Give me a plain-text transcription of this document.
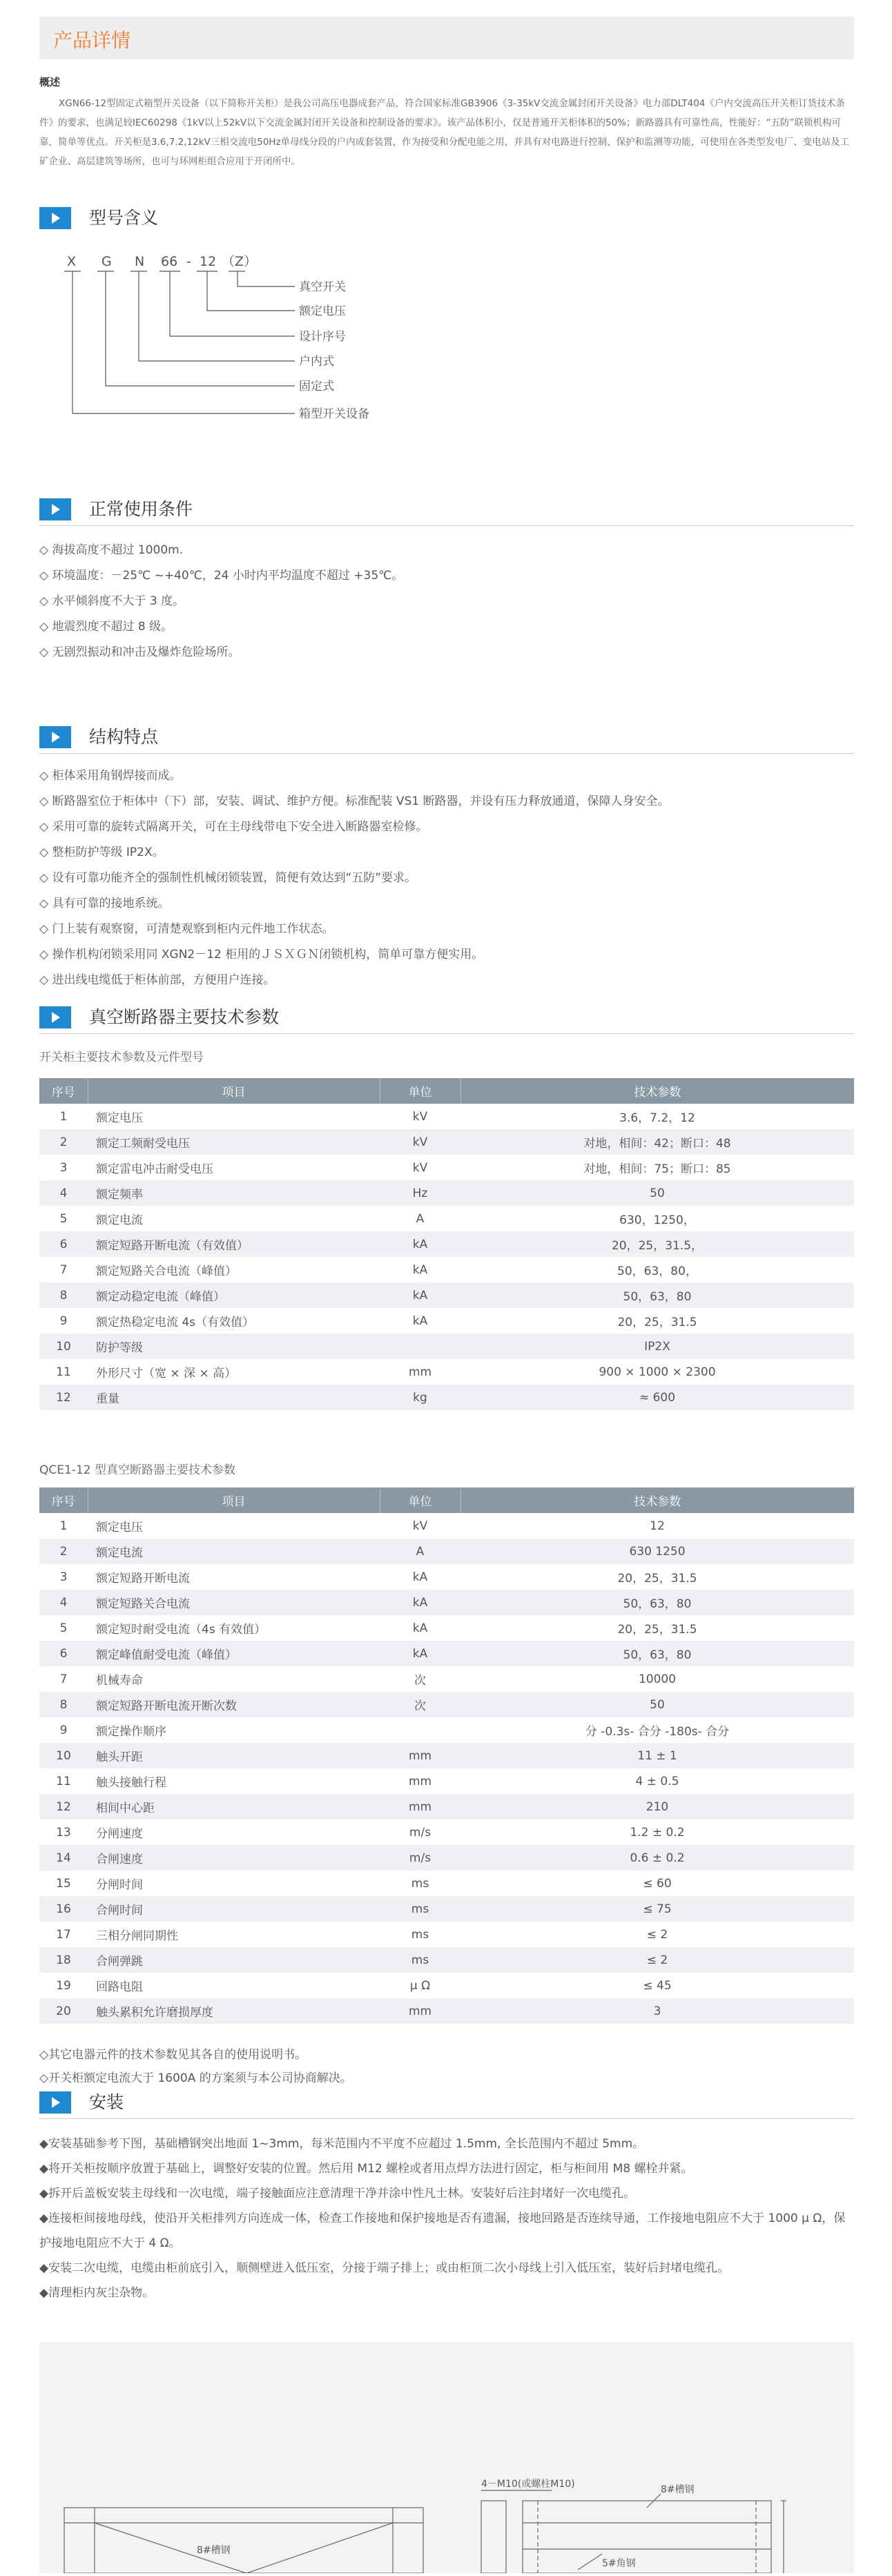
产品详情
概述

XGN66-12型固定式箱型开关设备（以下简称开关柜）是我公司高压电器成套产品，符合国家标准GB3906《3-35kV交流金属封闭开关设备》电力部DLT404《户内交流高压开关柜订货技术条件》的要求，也满足较IEC60298《1kV以上52kV以下交流金属封闭开关设备和控制设备的要求》。该产品体积小，仅是普通开关柜体积的50%；新路器具有可靠性高，性能好：“五防”联锁机构可靠，简单等优点。开关柜是3.6,7.2,12kV三相交流电50Hz单母线分段的户内成套装置，作为接受和分配电能之用，并具有对电路进行控制、保护和监测等功能，可使用在各类型发电厂、变电站及工矿企业、高层建筑等场所，也可与环网柜组合应用于开闭所中。

型号含义
X G N 66 - 12 （Z）
真空开关
额定电压
设计序号
户内式
固定式
箱型开关设备
正常使用条件
◇ 海拔高度不超过 1000m.
◇ 环境温度：－25℃ ~+40℃，24 小时内平均温度不超过 +35℃。
◇ 水平倾斜度不大于 3 度。
◇ 地震烈度不超过 8 级。
◇ 无剧烈振动和冲击及爆炸危险场所。
结构特点
◇ 柜体采用角钢焊接而成。
◇ 断路器室位于柜体中（下）部，安装、调试、维护方便。标准配装 VS1 断路器，并设有压力释放通道，保障人身安全。
◇ 采用可靠的旋转式隔离开关，可在主母线带电下安全进入断路器室检修。
◇ 整柜防护等级 IP2X。
◇ 设有可靠功能齐全的强制性机械闭锁装置，简便有效达到“五防”要求。
◇ 具有可靠的接地系统。
◇ 门上装有观察窗，可清楚观察到柜内元件地工作状态。
◇ 操作机构闭锁采用同 XGN2－12 柜用的ＪＳＸＧＮ闭锁机构，简单可靠方便实用。
◇ 进出线电缆低于柜体前部，方便用户连接。
真空断路器主要技术参数
开关柜主要技术参数及元件型号
序号	项目	单位	技术参数
1	额定电压	kV	3.6，7.2，12
2	额定工频耐受电压	kV	对地，相间：42；断口：48
3	额定雷电冲击耐受电压	kV	对地，相间：75；断口：85
4	额定频率	Hz	50
5	额定电流	A	630，1250，
6	额定短路开断电流（有效值）	kA	20，25，31.5，
7	额定短路关合电流（峰值）	kA	50，63，80，
8	额定动稳定电流（峰值）	kA	50，63，80
9	额定热稳定电流 4s（有效值）	kA	20，25，31.5
10	防护等级		IP2X
11	外形尺寸（宽 × 深 × 高）	mm	900 × 1000 × 2300
12	重量	kg	≈ 600
QCE1-12 型真空断路器主要技术参数
序号	项目	单位	技术参数
1	额定电压	kV	12
2	额定电流	A	630 1250
3	额定短路开断电流	kA	20，25，31.5
4	额定短路关合电流	kA	50，63，80
5	额定短时耐受电流（4s 有效值）	kA	20，25，31.5
6	额定峰值耐受电流（峰值）	kA	50，63，80
7	机械寿命	次	10000
8	额定短路开断电流开断次数	次	50
9	额定操作顺序		分 -0.3s- 合分 -180s- 合分
10	触头开距	mm	11 ± 1
11	触头接触行程	mm	4 ± 0.5
12	相间中心距	mm	210
13	分闸速度	m/s	1.2 ± 0.2
14	合闸速度	m/s	0.6 ± 0.2
15	分闸时间	ms	≤ 60
16	合闸时间	ms	≤ 75
17	三相分闸同期性	ms	≤ 2
18	合闸弹跳	ms	≤ 2
19	回路电阻	μ Ω	≤ 45
20	触头累积允许磨损厚度	mm	3
◇其它电器元件的技术参数见其各自的使用说明书。
◇开关柜额定电流大于 1600A 的方案须与本公司协商解决。
安装
◆安装基础参考下图，基础槽钢突出地面 1~3mm，每米范围内不平度不应超过 1.5mm, 全长范围内不超过 5mm。
◆将开关柜按顺序放置于基础上，调整好安装的位置。然后用 M12 螺栓或者用点焊方法进行固定，柜与柜间用 M8 螺栓并紧。
◆拆开后盖板安装主母线和一次电缆，端子接触面应注意清理干净并涂中性凡士林。安装好后注封堵好一次电缆孔。
◆连接柜间接地母线，使沿开关柜排列方向连成一体，检查工作接地和保护接地是否有遗漏，接地回路是否连续导通，工作接地电阻应不大于 1000 μ Ω，保护接地电阻应不大于 4 Ω。
◆安装二次电缆，电缆由柜前底引入，顺侧壁进入低压室，分接于端子排上；或由柜顶二次小母线上引入低压室，装好后封堵电缆孔。
◆清理柜内灰尘杂物。
4－M10(或螺柱M10)	8#槽钢
8#槽钢
5#角钢
